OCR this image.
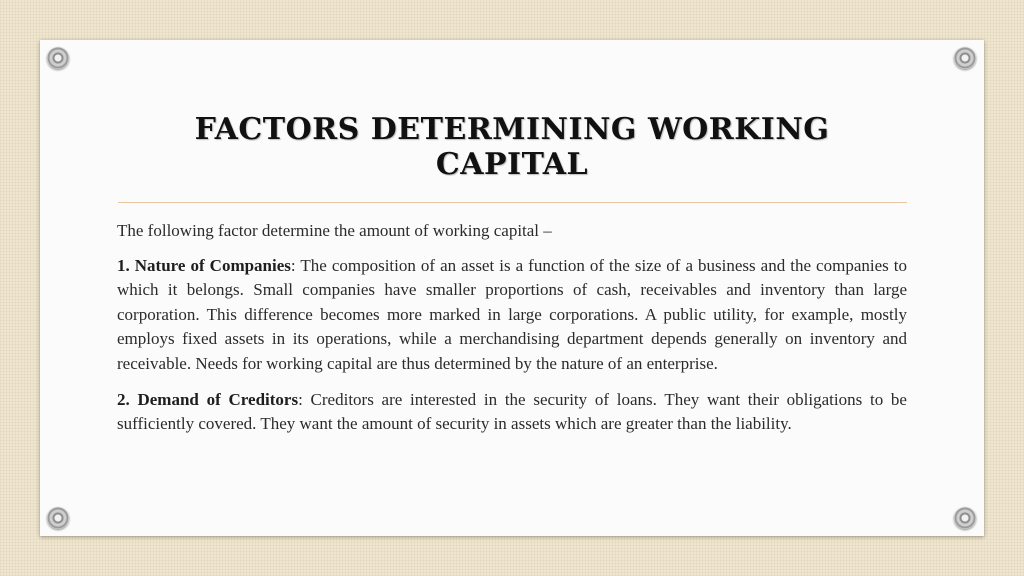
FACTORS DETERMINING WORKING CAPITAL

The following factor determine the amount of working capital –

1. Nature of Companies: The composition of an asset is a function of the size of a business and the companies to which it belongs. Small companies have smaller proportions of cash, receivables and inventory than large corporation. This difference becomes more marked in large corporations. A public utility, for example, mostly employs fixed assets in its operations, while a merchandising department depends generally on inventory and receivable. Needs for working capital are thus determined by the nature of an enterprise.

2. Demand of Creditors: Creditors are interested in the security of loans. They want their obligations to be sufficiently covered. They want the amount of security in assets which are greater than the liability.
